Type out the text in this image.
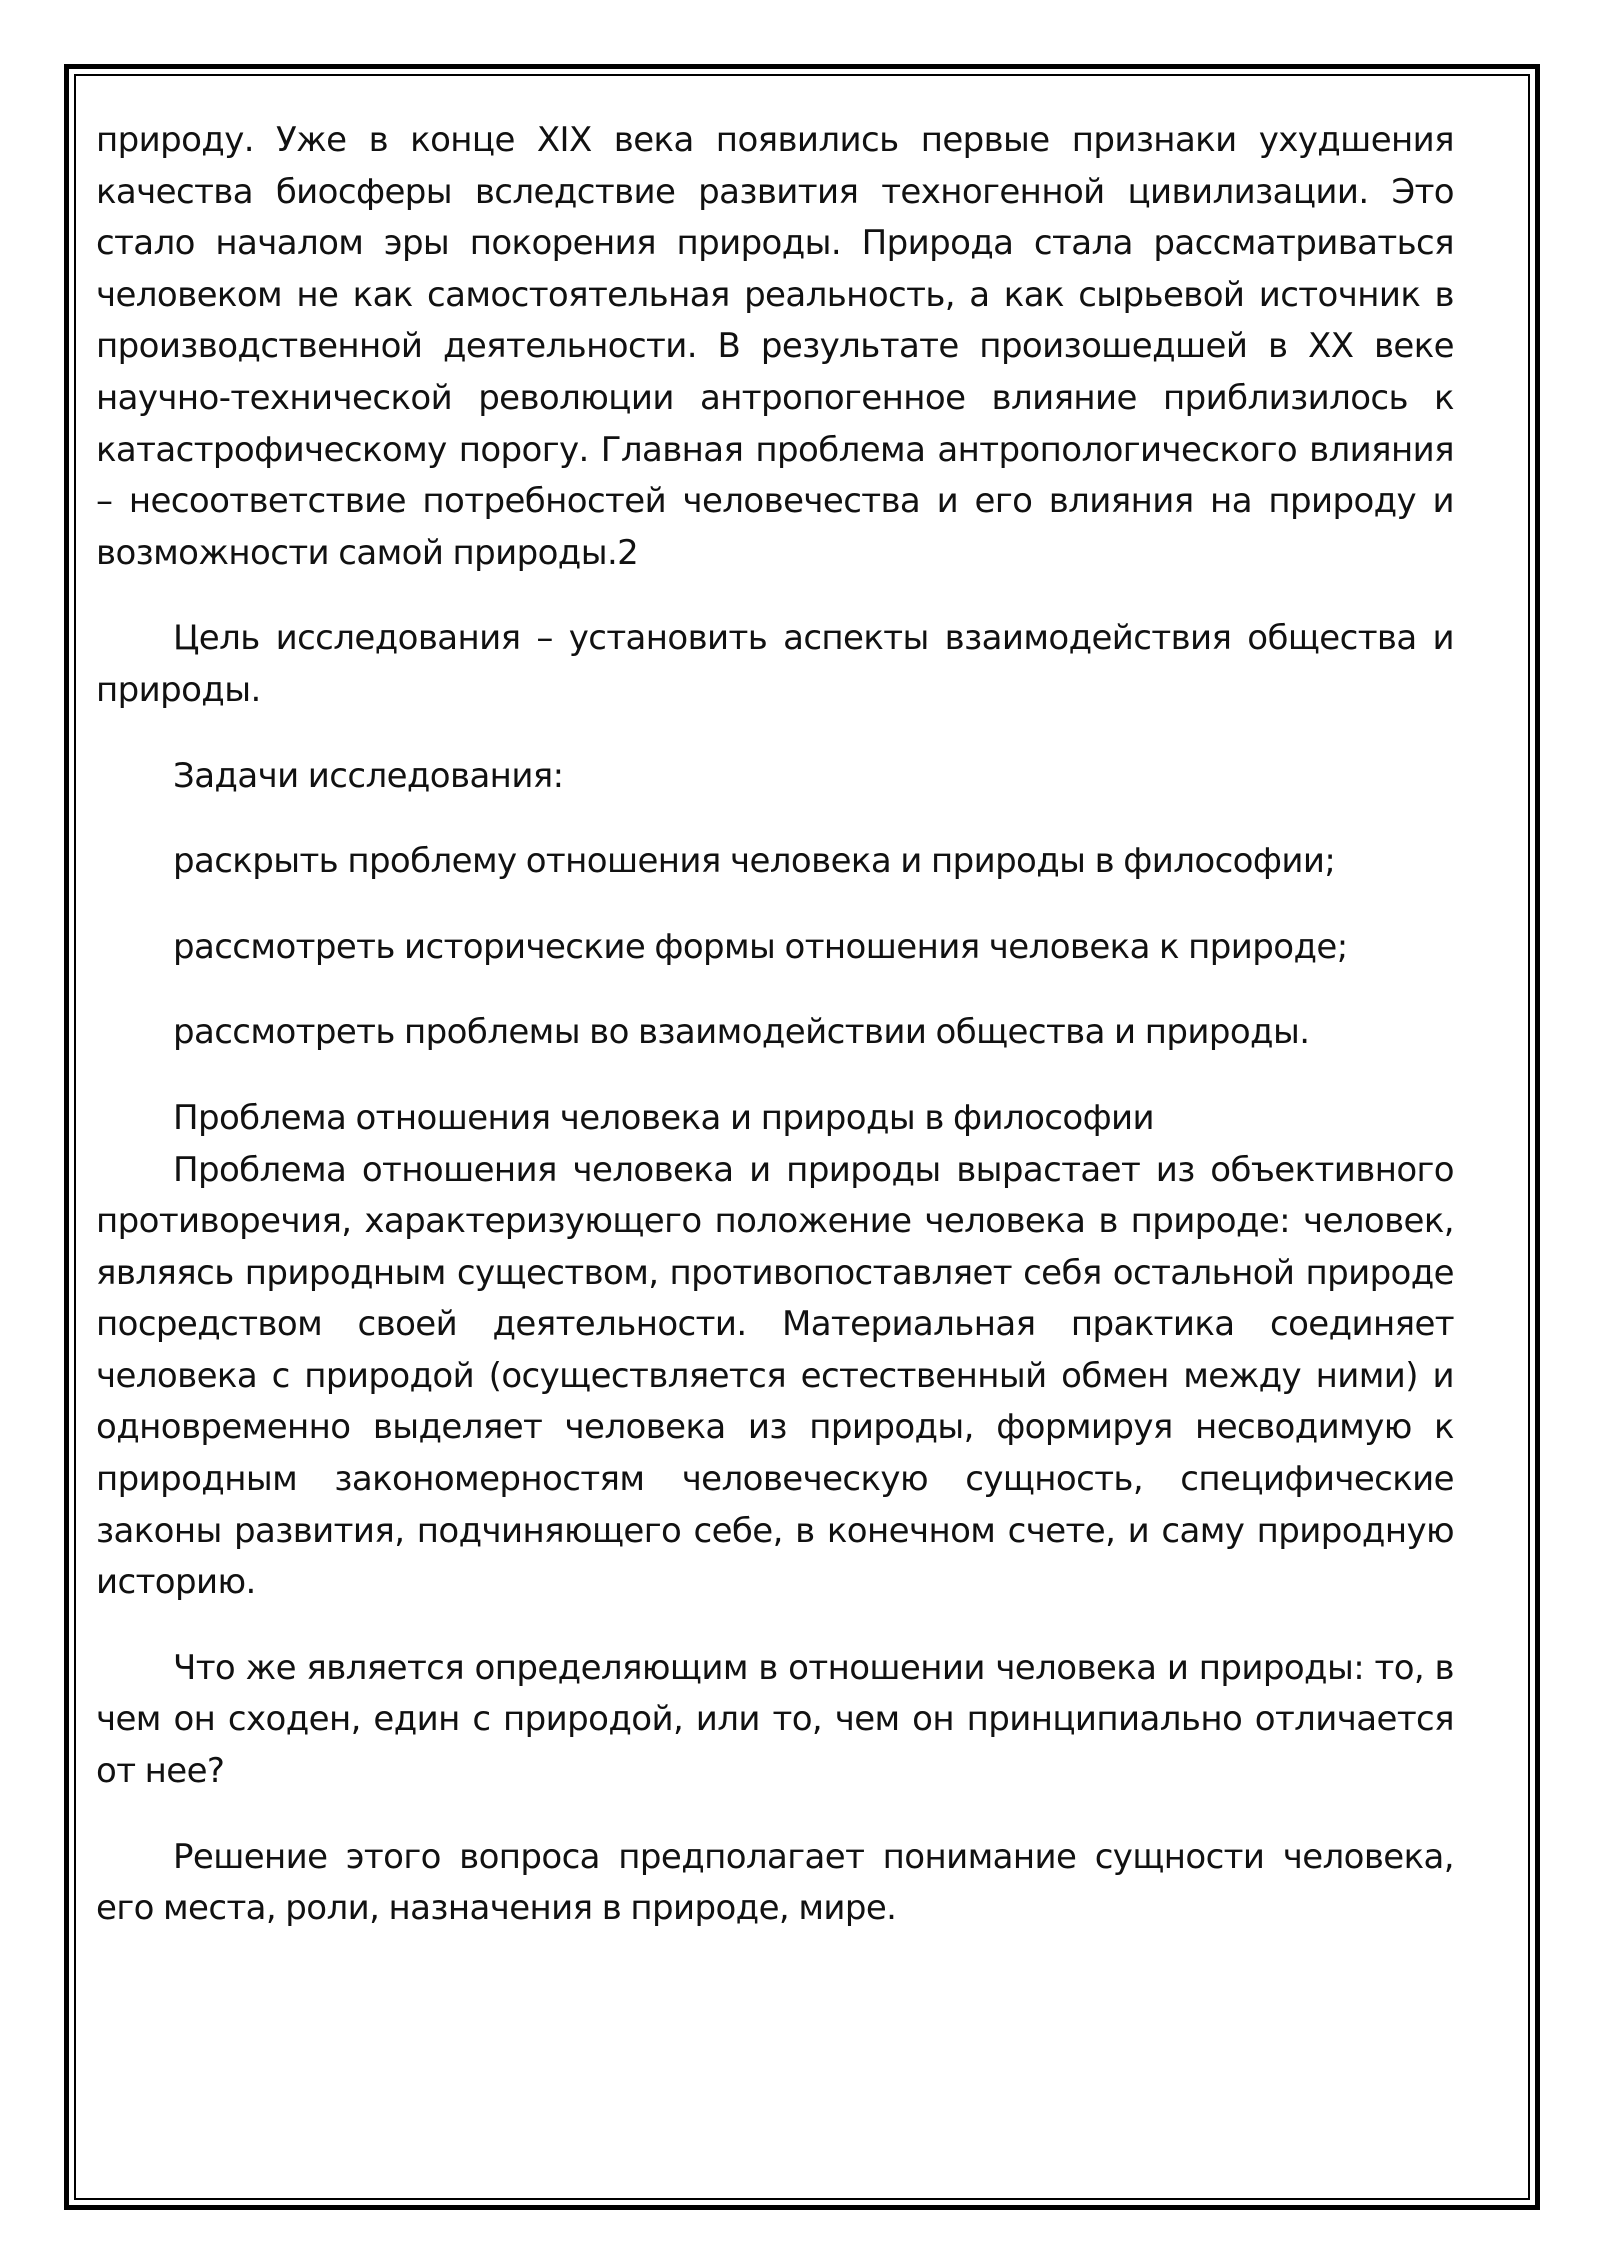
природу. Уже в конце XIX века появились первые признаки ухудшения качества биосферы вследствие развития техногенной цивилизации. Это стало началом эры покорения природы. Природа стала рассматриваться человеком не как самостоятельная реальность, а как сырьевой источник в производственной деятельности. В результате произошедшей в XX веке научно-технической революции антропогенное влияние приблизилось к катастрофическому порогу. Главная проблема антропологического влияния – несоответствие потребностей человечества и его влияния на природу и возможности самой природы.2

Цель исследования – установить аспекты взаимодействия общества и природы.

Задачи исследования:

раскрыть проблему отношения человека и природы в философии;

рассмотреть исторические формы отношения человека к природе;

рассмотреть проблемы во взаимодействии общества и природы.

Проблема отношения человека и природы в философии

Проблема отношения человека и природы вырастает из объективного противоречия, характеризующего положение человека в природе: человек, являясь природным существом, противопоставляет себя остальной природе посредством своей деятельности. Материальная практика соединяет человека с природой (осуществляется естественный обмен между ними) и одновременно выделяет человека из природы, формируя несводимую к природным закономерностям человеческую сущность, специфические законы развития, подчиняющего себе, в конечном счете, и саму природную историю.

Что же является определяющим в отношении человека и природы: то, в чем он сходен, един с природой, или то, чем он принципиально отличается от нее?

Решение этого вопроса предполагает понимание сущности человека, его места, роли, назначения в природе, мире.
